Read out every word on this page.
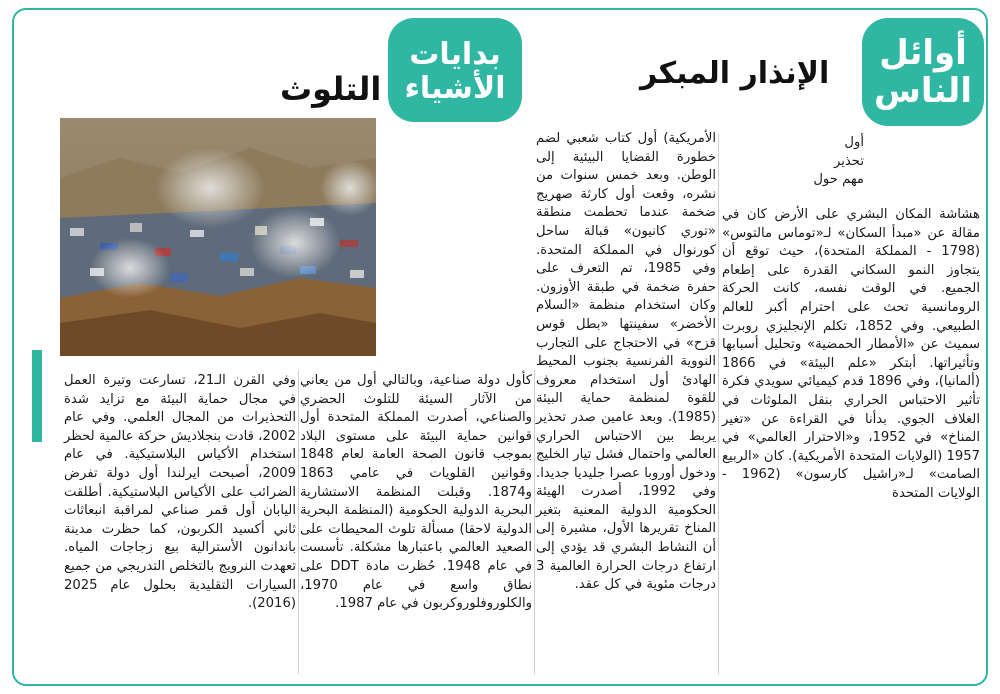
أوائل
الناس
بدايات
الأشياء	الإنذار المبكر
التلوث

أول

تحذير

مهم حول

هشاشة المكان البشري على الأرض كان في مقالة عن «مبدأ السكان» لـ«توماس مالتوس» (1798 - المملكة المتحدة)، حيث توقع أن يتجاوز النمو السكاني القدرة على إطعام الجميع. في الوقت نفسه، كانت الحركة الرومانسية تحث على احترام أكبر للعالم الطبيعي. وفي 1852، تكلم الإنجليزي روبرت سميث عن «الأمطار الحمضية» وتحليل أسبابها وتأثيراتها. أبتكر «علم البيئة» في 1866 (ألمانيا)، وفي 1896 قدم كيميائي سويدي فكرة تأثير الاحتباس الحراري بنقل الملوثات في الغلاف الجوي. بدأنا في القراءة عن «تغير المناخ» في 1952، و«الاحترار العالمي» في 1957 (الولايات المتحدة الأمريكية). كان «الربيع الصامت» لـ«راشيل كارسون» (1962 - الولايات المتحدة

الأمريكية) أول كتاب شعبي لضم خطورة القضايا البيئية إلى الوطن. وبعد خمس سنوات من نشره، وقعت أول كارثة صهريج ضخمة عندما تحطمت منطقة «توري كانيون» قبالة ساحل كورنوال في المملكة المتحدة. وفي 1985، تم التعرف على حفرة ضخمة في طبقة الأوزون. وكان استخدام منظمة «السلام الأخضر» سفينتها «بطل قوس قزح» في الاحتجاج على التجارب النووية الفرنسية بجنوب المحيط الهادئ أول استخدام معروف للقوة لمنظمة حماية البيئة (1985). وبعد عامين صدر تحذير يربط بين الاحتباس الحراري العالمي واحتمال فشل تيار الخليج ودخول أوروبا عصرا جليديا جديدا. وفي 1992، أصدرت الهيئة الحكومية الدولية المعنية بتغير المناخ تقريرها الأول، مشيرة إلى أن النشاط البشري قد يؤدي إلى ارتفاع درجات الحرارة العالمية 3 درجات مئوية في كل عقد.

كأول دولة صناعية، وبالتالي أول من يعاني من الآثار السيئة للتلوث الحضري والصناعي، أصدرت المملكة المتحدة أول قوانين حماية البيئة على مستوى البلاد بموجب قانون الصحة العامة لعام 1848 وقوانين القلويات في عامي 1863 و1874. وقبلت المنظمة الاستشارية البحرية الدولية الحكومية (المنظمة البحرية الدولية لاحقا) مسألة تلوث المحيطات على الصعيد العالمي باعتبارها مشكلة. تأسست في عام 1948. حُظرت مادة DDT على نطاق واسع في عام 1970، والكلوروفلوروكربون في عام 1987.

وفي القرن الـ21، تسارعت وتيرة العمل في مجال حماية البيئة مع تزايد شدة التحذيرات من المجال العلمي. وفي عام 2002، قادت بنجلاديش حركة عالمية لحظر استخدام الأكياس البلاستيكية. في عام 2009، أصبحت ايرلندا أول دولة تفرض الضرائب على الأكياس البلاستيكية. أطلقت اليابان أول قمر صناعي لمراقبة انبعاثات ثاني أكسيد الكربون، كما حظرت مدينة باندانون الأسترالية بيع زجاجات المياه. تعهدت النرويج بالتخلص التدريجي من جميع السيارات التقليدية بحلول عام 2025 (2016).
